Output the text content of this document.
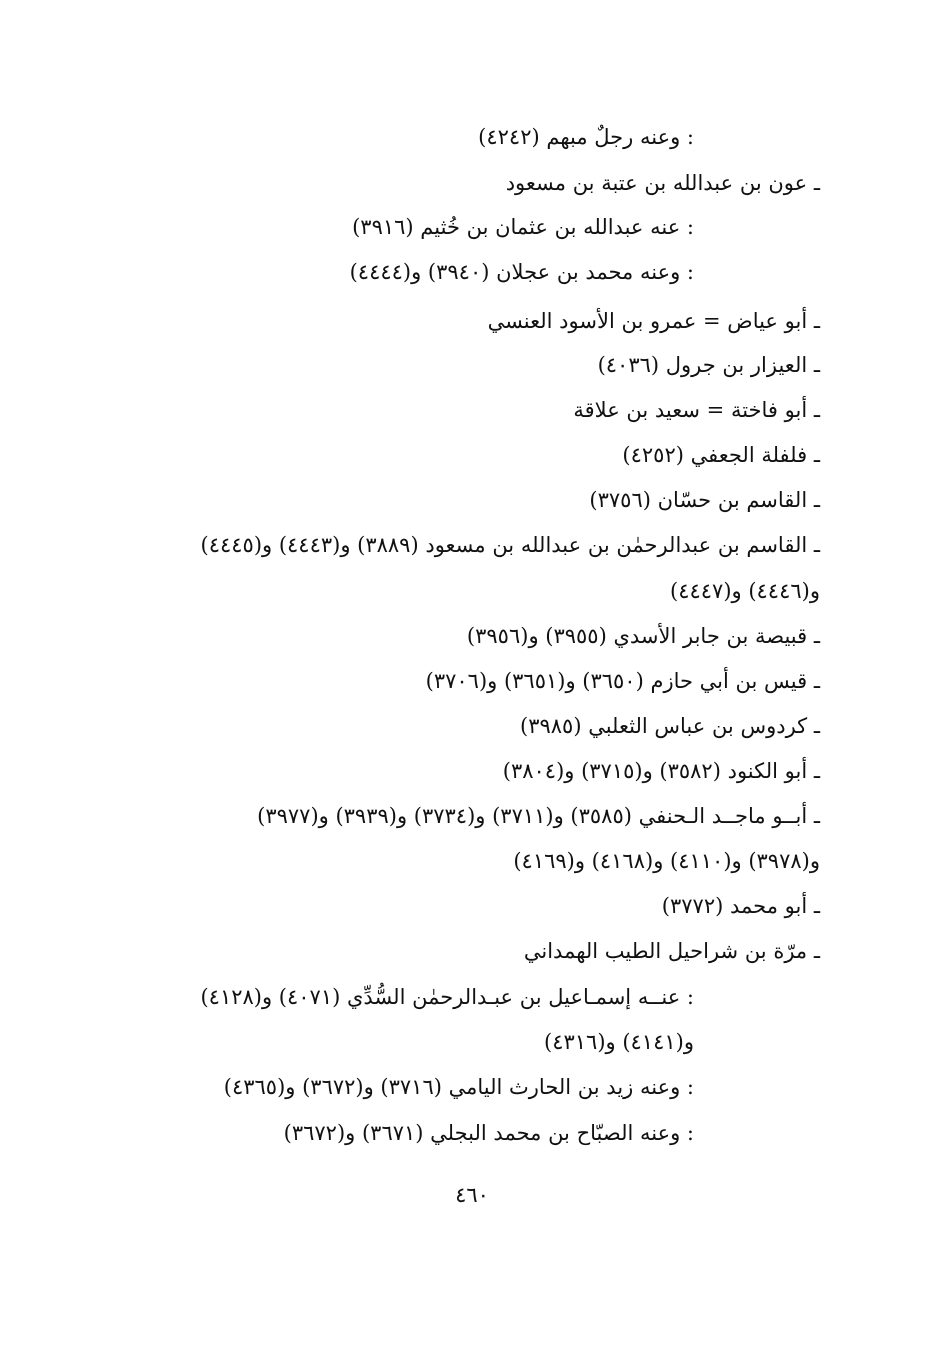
: وعنه رجلٌ مبهم (٤٢٤٢)
ـ عون بن عبدالله بن عتبة بن مسعود
: عنه عبدالله بن عثمان بن خُثيم (٣٩١٦)
: وعنه محمد بن عجلان (٣٩٤٠) و(٤٤٤٤)
ـ أبو عياض = عمرو بن الأسود العنسي
ـ العيزار بن جرول (٤٠٣٦)
ـ أبو فاختة = سعيد بن علاقة
ـ فلفلة الجعفي (٤٢٥٢)
ـ القاسم بن حسّان (٣٧٥٦)
ـ القاسم بن عبدالرحمٰن بن عبدالله بن مسعود (٣٨٨٩) و(٤٤٤٣) و(٤٤٤٥)
و(٤٤٤٦) و(٤٤٤٧)
ـ قبيصة بن جابر الأسدي (٣٩٥٥) و(٣٩٥٦)
ـ قيس بن أبي حازم (٣٦٥٠) و(٣٦٥١) و(٣٧٠٦)
ـ كردوس بن عباس الثعلبي (٣٩٨٥)
ـ أبو الكنود (٣٥٨٢) و(٣٧١٥) و(٣٨٠٤)
ـ أبــو ماجــد الـحنفي (٣٥٨٥) و(٣٧١١) و(٣٧٣٤) و(٣٩٣٩) و(٣٩٧٧)
و(٣٩٧٨) و(٤١١٠) و(٤١٦٨) و(٤١٦٩)
ـ أبو محمد (٣٧٧٢)
ـ مرّة بن شراحيل الطيب الهمداني
: عنــه إسمـاعيل بن عبـدالرحمٰن السُّدِّي (٤٠٧١) و(٤١٢٨)
و(٤١٤١) و(٤٣١٦)
: وعنه زيد بن الحارث اليامي (٣٧١٦) و(٣٦٧٢) و(٤٣٦٥)
: وعنه الصبّاح بن محمد البجلي (٣٦٧١) و(٣٦٧٢)
٤٦٠
